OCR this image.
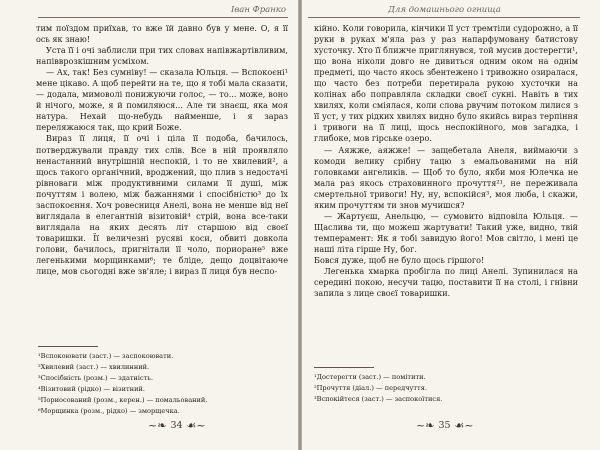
Іван Франко

тим поїздом приїхав, то вже їй давно був у мене. О, я її ось як знаю!

Уста її і очі заблисли при тих словах напівжартівливим, напівврозкішним усміхом.

— Ах, так! Без сумніву! — сказала Юльця. — Вспокоєні¹ мене цікаво. А щоб перейти на те, що я тобі мала сказати, — додала, мимоволі понижуючи голос, — то... може, воно й нічого, може, я й помиляюся... Але ти знаєш, яка моя натура. Нехай що-небудь найменше, і я зараз переляжаюся так, що крий Боже.

Вираз її лиця, її очі і ціла її подоба, бачилось, потверджували правду тих слів. Все в ній проявляло ненастанний внутрішній неспокій, і то не хвилевий², а щось такого органічний, вроджений, що плив з недостачі рівноваги між продуктивними силами її душі, між почуттям і волею, між бажаннями і спосібністю³ до їх заспокоєння. Хоч ровесниця Анелі, вона не менше від неї виглядала в елегантній візитовій⁴ стрій, вона все-таки виглядала на яких десять літ старшою від своєї товаришки. Її величезні русяві коси, обвиті довкола голови, бачилось, пригнітали її чоло, пориоране⁵ вже легенькими морщинками⁶; те бліде, дещо доцвітаюче лице, мов сьогодні вже зв'яле; і вираз її лиця був неспо-

¹Вспокоювати (заст.) — заспокоювати.
²Хвилевий (заст.) — хвилинний.
³Спосібність (розм.) — здатність.
⁴Візитовий (рідко) — візитний.
⁵Пориосований (розм., керен.) — помальований.
⁶Морщинка (розм., рідко) — зморщечка.
~❧ 34 ☙~
Для домашнього огнища

кійно. Коли говорила, кінчики її уст тремтіли судорожно, а її руки в руках м'яла раз у раз напарфумовану батистову хусточку. Хто її ближче приглянувся, той мусив достерегти¹, що вона ніколи довго не дивиться одним оком на однім предметі, що часто якось збентежено і тривожно озиралася, що часто без потреби перетирала рукою хусточки на колінах або поправляла складки своєї сукні. Навіть в тих хвилях, коли сміялася, коли слова рвучим потоком лилися з її уст, у тих рідких хвилях видно було якийсь вираз терпіння і тривоги на її лиці, щось неспокійного, мов загадка, і глибоке, мов гірське озеро.

— Аяжже, аяжже! — защебетала Анеля, виймаючи з комоди велику срібну тацю з емальованими на ній головками ангеликів. — Щоб то було, якби моя Юлечка не мала раз якось страховинного прочуття²¹, не переживала смертельної тривоги! Ну, ну, вспокійся³, моя люба, і скажи, яким прочуттям ти знов мучишся?

— Жартуєш, Анельцю, — сумовито відповіла Юльця. — Щаслива ти, що можеш жартувати! Такий уже, видно, твій темперамент: Як я тобі завидую його! Мов світло, і мені це наші літа гірше Ну, бог.

Бовся дуже, щоб не було щось гіршого!

Легенька хмарка пробігла по лиці Анелі. Зупинилася на середині покою, несучи тацю, поставити її на столі, і гнівни запила з лице своєї товаришки.

¹Достерегти (заст.) — помітити.
²Прочуття (діал.) — передчуття.
³Вспокійтеся (заст.) — заспокоїтися.
~❧ 35 ☙~
